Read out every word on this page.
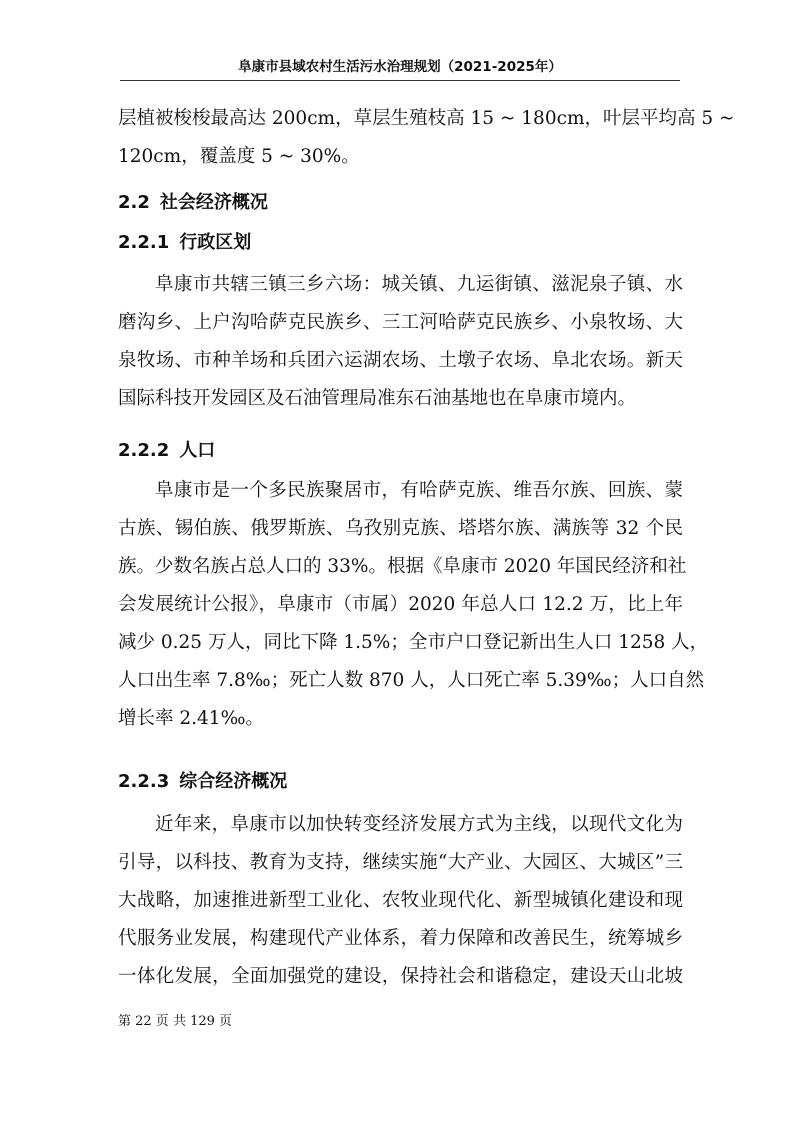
阜康市县域农村生活污水治理规划（2021-2025年）

层植被梭梭最高达 200cm，草层生殖枝高 15 ~ 180cm，叶层平均高 5 ~
120cm，覆盖度 5 ~ 30%。

2.2 社会经济概况

2.2.1 行政区划

阜康市共辖三镇三乡六场：城关镇、九运街镇、滋泥泉子镇、水
磨沟乡、上户沟哈萨克民族乡、三工河哈萨克民族乡、小泉牧场、大
泉牧场、市种羊场和兵团六运湖农场、土墩子农场、阜北农场。新天
国际科技开发园区及石油管理局准东石油基地也在阜康市境内。

2.2.2 人口

阜康市是一个多民族聚居市，有哈萨克族、维吾尔族、回族、蒙
古族、锡伯族、俄罗斯族、乌孜别克族、塔塔尔族、满族等 32 个民
族。少数名族占总人口的 33%。根据《阜康市 2020 年国民经济和社
会发展统计公报》，阜康市（市属）2020 年总人口 12.2 万，比上年
减少 0.25 万人，同比下降 1.5%；全市户口登记新出生人口 1258 人，
人口出生率 7.8‰；死亡人数 870 人，人口死亡率 5.39‰；人口自然
增长率 2.41‰。

2.2.3 综合经济概况

近年来，阜康市以加快转变经济发展方式为主线，以现代文化为
引导，以科技、教育为支持，继续实施“大产业、大园区、大城区”三
大战略，加速推进新型工业化、农牧业现代化、新型城镇化建设和现
代服务业发展，构建现代产业体系，着力保障和改善民生，统筹城乡
一体化发展，全面加强党的建设，保持社会和谐稳定，建设天山北坡

第 22 页 共 129 页
